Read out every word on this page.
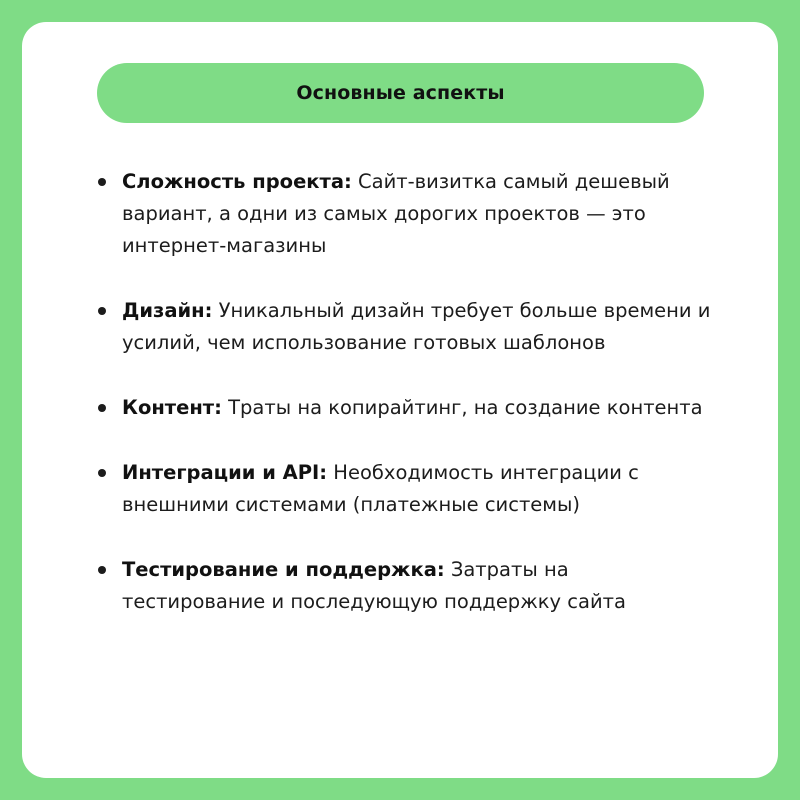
Основные аспекты
Сложность проекта: Сайт-визитка самый дешевый вариант, а одни из самых дорогих проектов — это интернет-магазины
Дизайн: Уникальный дизайн требует больше времени и усилий, чем использование готовых шаблонов
Контент: Траты на копирайтинг, на создание контента
Интеграции и API: Необходимость интеграции с внешними системами (платежные системы)
Тестирование и поддержка: Затраты на тестирование и последующую поддержку сайта
